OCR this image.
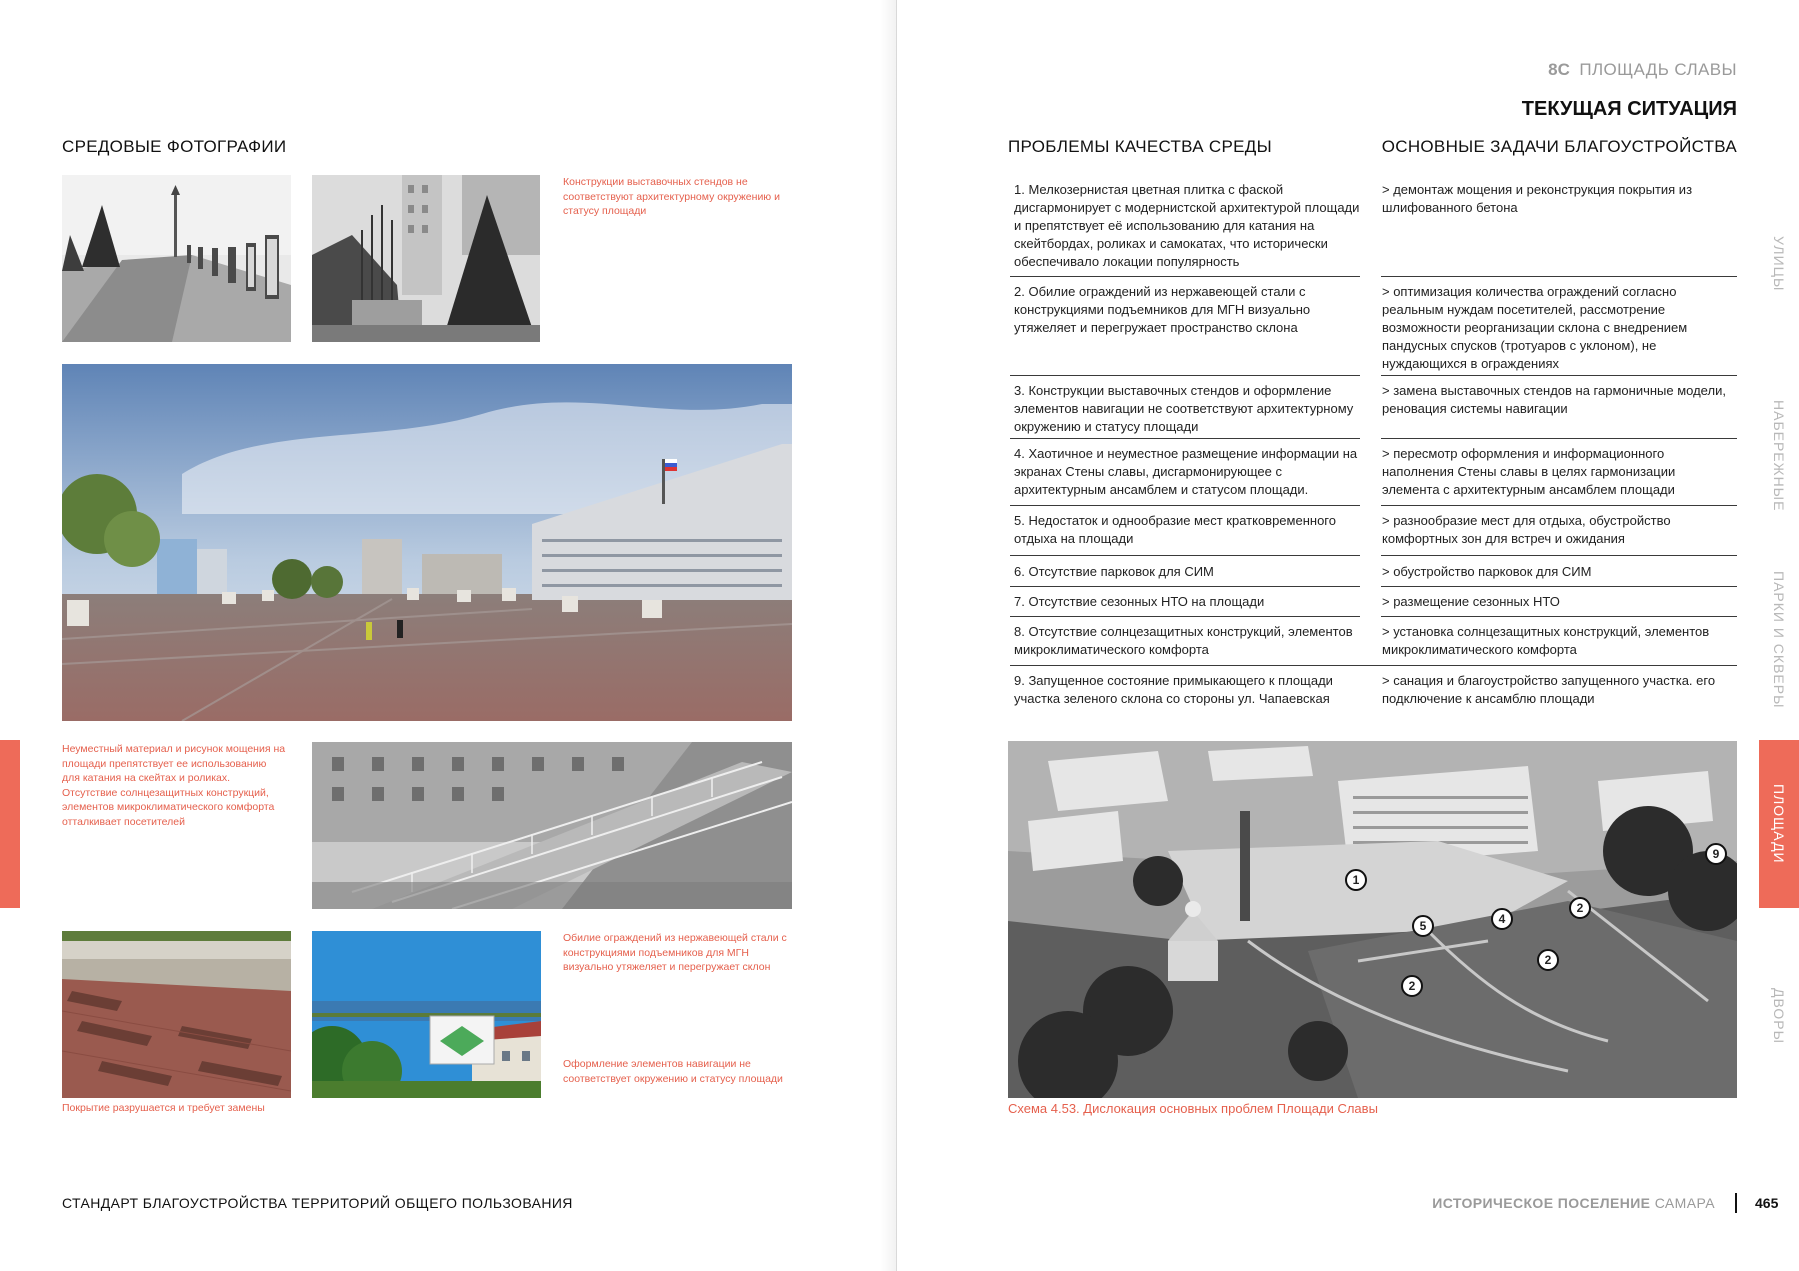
СРЕДОВЫЕ ФОТОГРАФИИ
Конструкции выставочных стендов не соответствуют архитектурному окружению и статусу площади
Неуместный материал и рисунок мощения на площади препятствует ее использованию для катания на скейтах и роликах. Отсутствие солнцезащитных конструкций, элементов микроклиматического комфорта отталкивает посетителей
Покрытие разрушается и требует замены
Обилие ограждений из нержавеющей стали с конструкциями подъемников для МГН визуально утяжеляет и перегружает склон
Оформление элементов навигации не соответствует окружению и статусу площади
СТАНДАРТ БЛАГОУСТРОЙСТВА ТЕРРИТОРИЙ ОБЩЕГО ПОЛЬЗОВАНИЯ
8С ПЛОЩАДЬ СЛАВЫ
ТЕКУЩАЯ СИТУАЦИЯ
ПРОБЛЕМЫ КАЧЕСТВА СРЕДЫ	ОСНОВНЫЕ ЗАДАЧИ БЛАГОУСТРОЙСТВА
1. Мелкозернистая цветная плитка с фаской дисгармонирует с модернистской архитектурой площади и препятствует её использованию для катания на скейтбордах, роликах и самокатах, что исторически обеспечивало локации популярность
> демонтаж мощения и реконструкция покрытия из шлифованного бетона
2. Обилие ограждений из нержавеющей стали с конструкциями подъемников для МГН визуально утяжеляет и перегружает пространство склона
> оптимизация количества ограждений согласно реальным нуждам посетителей, рассмотрение возможности реорганизации склона с внедрением пандусных спусков (тротуаров с уклоном), не нуждающихся в ограждениях
3. Конструкции выставочных стендов и оформление элементов навигации не соответствуют архитектурному окружению и статусу площади
> замена выставочных стендов на гармоничные модели, реновация системы навигации
4. Хаотичное и неуместное размещение информации на экранах Стены славы, дисгармонирующее с архитектурным ансамблем и статусом площади.
> пересмотр оформления и информационного наполнения Стены славы в целях гармонизации элемента с архитектурным ансамблем площади
5. Недостаток и однообразие мест кратковременного отдыха на площади
> разнообразие мест для отдыха, обустройство комфортных зон для встреч и ожидания
6. Отсутствие парковок для СИМ	> обустройство парковок для СИМ
7. Отсутствие сезонных НТО на площади	> размещение сезонных НТО
8. Отсутствие солнцезащитных конструкций, элементов микроклиматического комфорта
> установка солнцезащитных конструкций, элементов микроклиматического комфорта
9. Запущенное состояние примыкающего к площади участка зеленого склона со стороны ул. Чапаевская
> санация и благоустройство запущенного участка. его подключение к ансамблю площади
1
5	4
2
2
2
9
Схема 4.53. Дислокация основных проблем Площади Славы
УЛИЦЫ
НАБЕРЕЖНЫЕ
ПАРКИ И СКВЕРЫ
ПЛОЩАДИ
ДВОРЫ
ИСТОРИЧЕСКОЕ ПОСЕЛЕНИЕ САМАРА	465
